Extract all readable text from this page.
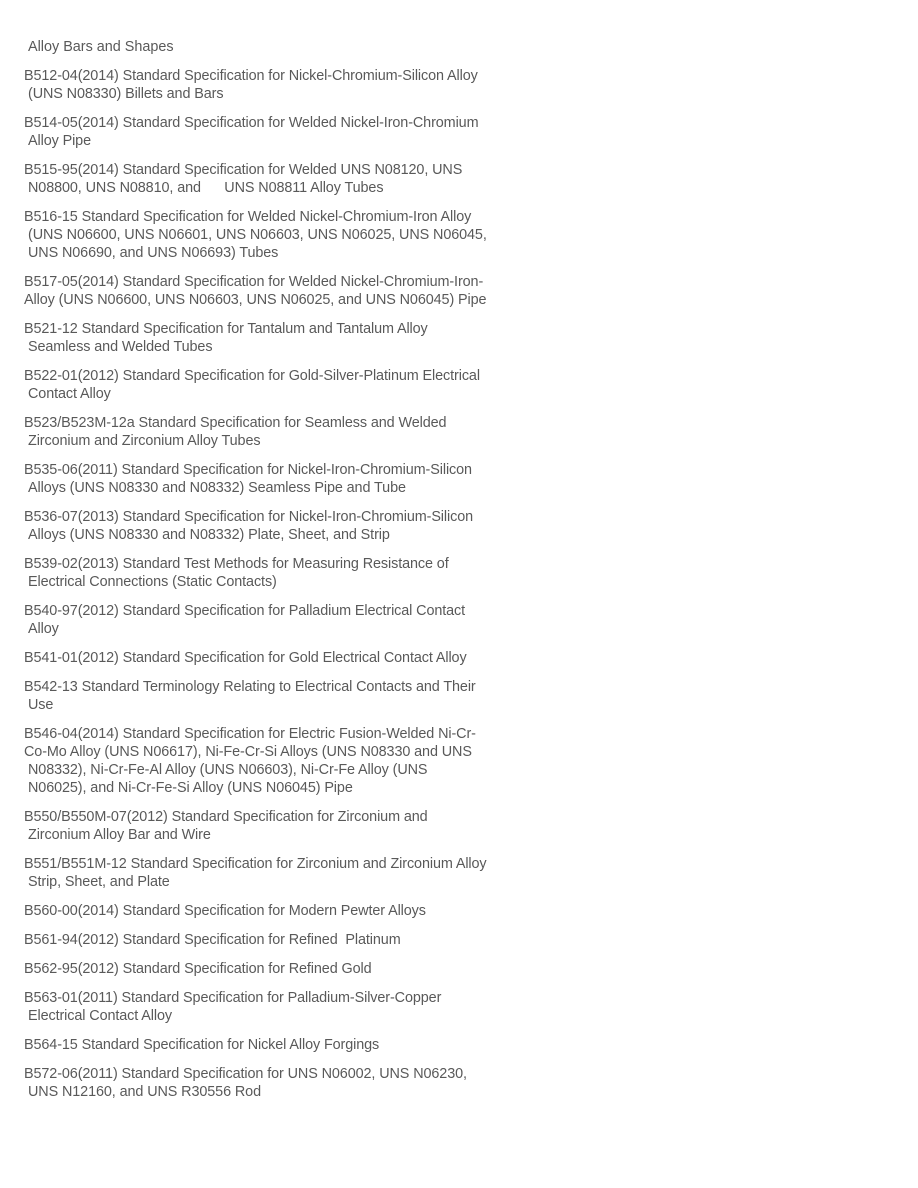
Alloy Bars and Shapes
B512-04(2014) Standard Specification for Nickel-Chromium-Silicon Alloy
(UNS N08330) Billets and Bars
B514-05(2014) Standard Specification for Welded Nickel-Iron-Chromium
Alloy Pipe
B515-95(2014) Standard Specification for Welded UNS N08120, UNS
N08800, UNS N08810, and      UNS N08811 Alloy Tubes
B516-15 Standard Specification for Welded Nickel-Chromium-Iron Alloy
(UNS N06600, UNS N06601, UNS N06603, UNS N06025, UNS N06045,
UNS N06690, and UNS N06693) Tubes
B517-05(2014) Standard Specification for Welded Nickel-Chromium-Iron-
Alloy (UNS N06600, UNS N06603, UNS N06025, and UNS N06045) Pipe
B521-12 Standard Specification for Tantalum and Tantalum Alloy
Seamless and Welded Tubes
B522-01(2012) Standard Specification for Gold-Silver-Platinum Electrical
Contact Alloy
B523/B523M-12a Standard Specification for Seamless and Welded
Zirconium and Zirconium Alloy Tubes
B535-06(2011) Standard Specification for Nickel-Iron-Chromium-Silicon
Alloys (UNS N08330 and N08332) Seamless Pipe and Tube
B536-07(2013) Standard Specification for Nickel-Iron-Chromium-Silicon
Alloys (UNS N08330 and N08332) Plate, Sheet, and Strip
B539-02(2013) Standard Test Methods for Measuring Resistance of
Electrical Connections (Static Contacts)
B540-97(2012) Standard Specification for Palladium Electrical Contact
Alloy
B541-01(2012) Standard Specification for Gold Electrical Contact Alloy
B542-13 Standard Terminology Relating to Electrical Contacts and Their
Use
B546-04(2014) Standard Specification for Electric Fusion-Welded Ni-Cr-
Co-Mo Alloy (UNS N06617), Ni-Fe-Cr-Si Alloys (UNS N08330 and UNS
N08332), Ni-Cr-Fe-Al Alloy (UNS N06603), Ni-Cr-Fe Alloy (UNS
N06025), and Ni-Cr-Fe-Si Alloy (UNS N06045) Pipe
B550/B550M-07(2012) Standard Specification for Zirconium and
Zirconium Alloy Bar and Wire
B551/B551M-12 Standard Specification for Zirconium and Zirconium Alloy
Strip, Sheet, and Plate
B560-00(2014) Standard Specification for Modern Pewter Alloys
B561-94(2012) Standard Specification for Refined  Platinum
B562-95(2012) Standard Specification for Refined Gold
B563-01(2011) Standard Specification for Palladium-Silver-Copper
Electrical Contact Alloy
B564-15 Standard Specification for Nickel Alloy Forgings
B572-06(2011) Standard Specification for UNS N06002, UNS N06230,
UNS N12160, and UNS R30556 Rod
